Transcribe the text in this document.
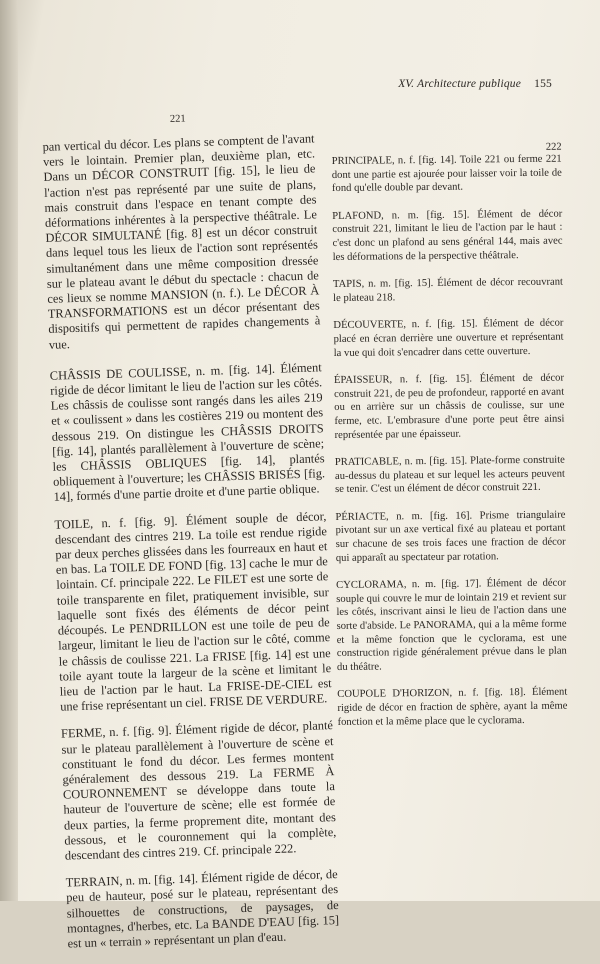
XV. Architecture publique 155
221

pan vertical du décor. Les plans se comptent de l'avant vers le lointain. Premier plan, deuxième plan, etc. Dans un DÉCOR CONSTRUIT [fig. 15], le lieu de l'action n'est pas représenté par une suite de plans, mais construit dans l'espace en tenant compte des déformations inhérentes à la perspective théâtrale. Le DÉCOR SIMULTANÉ [fig. 8] est un décor construit dans lequel tous les lieux de l'action sont représentés simultanément dans une même composition dressée sur le plateau avant le début du spectacle : chacun de ces lieux se nomme MANSION (n. f.). Le DÉCOR À TRANSFORMATIONS est un décor présentant des dispositifs qui permettent de rapides changements à vue.

CHÂSSIS DE COULISSE, n. m. [fig. 14]. Élément rigide de décor limitant le lieu de l'action sur les côtés. Les châssis de coulisse sont rangés dans les ailes 219 et « coulissent » dans les costières 219 ou montent des dessous 219. On distingue les CHÂSSIS DROITS [fig. 14], plantés parallèlement à l'ouverture de scène; les CHÂSSIS OBLIQUES [fig. 14], plantés obliquement à l'ouverture; les CHÂSSIS BRISÉS [fig. 14], formés d'une partie droite et d'une partie oblique.

TOILE, n. f. [fig. 9]. Élément souple de décor, descendant des cintres 219. La toile est rendue rigide par deux perches glissées dans les fourreaux en haut et en bas. La TOILE DE FOND [fig. 13] cache le mur de lointain. Cf. principale 222. Le FILET est une sorte de toile transparente en filet, pratiquement invisible, sur laquelle sont fixés des éléments de décor peint découpés. Le PENDRILLON est une toile de peu de largeur, limitant le lieu de l'action sur le côté, comme le châssis de coulisse 221. La FRISE [fig. 14] est une toile ayant toute la largeur de la scène et limitant le lieu de l'action par le haut. La FRISE-DE-CIEL est une frise représentant un ciel. FRISE DE VERDURE.

FERME, n. f. [fig. 9]. Élément rigide de décor, planté sur le plateau parallèlement à l'ouverture de scène et constituant le fond du décor. Les fermes montent généralement des dessous 219. La FERME À COURONNEMENT se développe dans toute la hauteur de l'ouverture de scène; elle est formée de deux parties, la ferme proprement dite, montant des dessous, et le couronnement qui la complète, descendant des cintres 219. Cf. principale 222.

TERRAIN, n. m. [fig. 14]. Élément rigide de décor, de peu de hauteur, posé sur le plateau, représentant des silhouettes de constructions, de paysages, de montagnes, d'herbes, etc. La BANDE D'EAU [fig. 15] est un « terrain » représentant un plan d'eau.

222

PRINCIPALE, n. f. [fig. 14]. Toile 221 ou ferme 221 dont une partie est ajourée pour laisser voir la toile de fond qu'elle double par devant.

PLAFOND, n. m. [fig. 15]. Élément de décor construit 221, limitant le lieu de l'action par le haut : c'est donc un plafond au sens général 144, mais avec les déformations de la perspective théâtrale.

TAPIS, n. m. [fig. 15]. Élément de décor recouvrant le plateau 218.

DÉCOUVERTE, n. f. [fig. 15]. Élément de décor placé en écran derrière une ouverture et représentant la vue qui doit s'encadrer dans cette ouverture.

ÉPAISSEUR, n. f. [fig. 15]. Élément de décor construit 221, de peu de profondeur, rapporté en avant ou en arrière sur un châssis de coulisse, sur une ferme, etc. L'embrasure d'une porte peut être ainsi représentée par une épaisseur.

PRATICABLE, n. m. [fig. 15]. Plate-forme construite au-dessus du plateau et sur lequel les acteurs peuvent se tenir. C'est un élément de décor construit 221.

PÉRIACTE, n. m. [fig. 16]. Prisme triangulaire pivotant sur un axe vertical fixé au plateau et portant sur chacune de ses trois faces une fraction de décor qui apparaît au spectateur par rotation.

CYCLORAMA, n. m. [fig. 17]. Élément de décor souple qui couvre le mur de lointain 219 et revient sur les côtés, inscrivant ainsi le lieu de l'action dans une sorte d'abside. Le PANORAMA, qui a la même forme et la même fonction que le cyclorama, est une construction rigide généralement prévue dans le plan du théâtre.

COUPOLE D'HORIZON, n. f. [fig. 18]. Élément rigide de décor en fraction de sphère, ayant la même fonction et la même place que le cyclorama.
